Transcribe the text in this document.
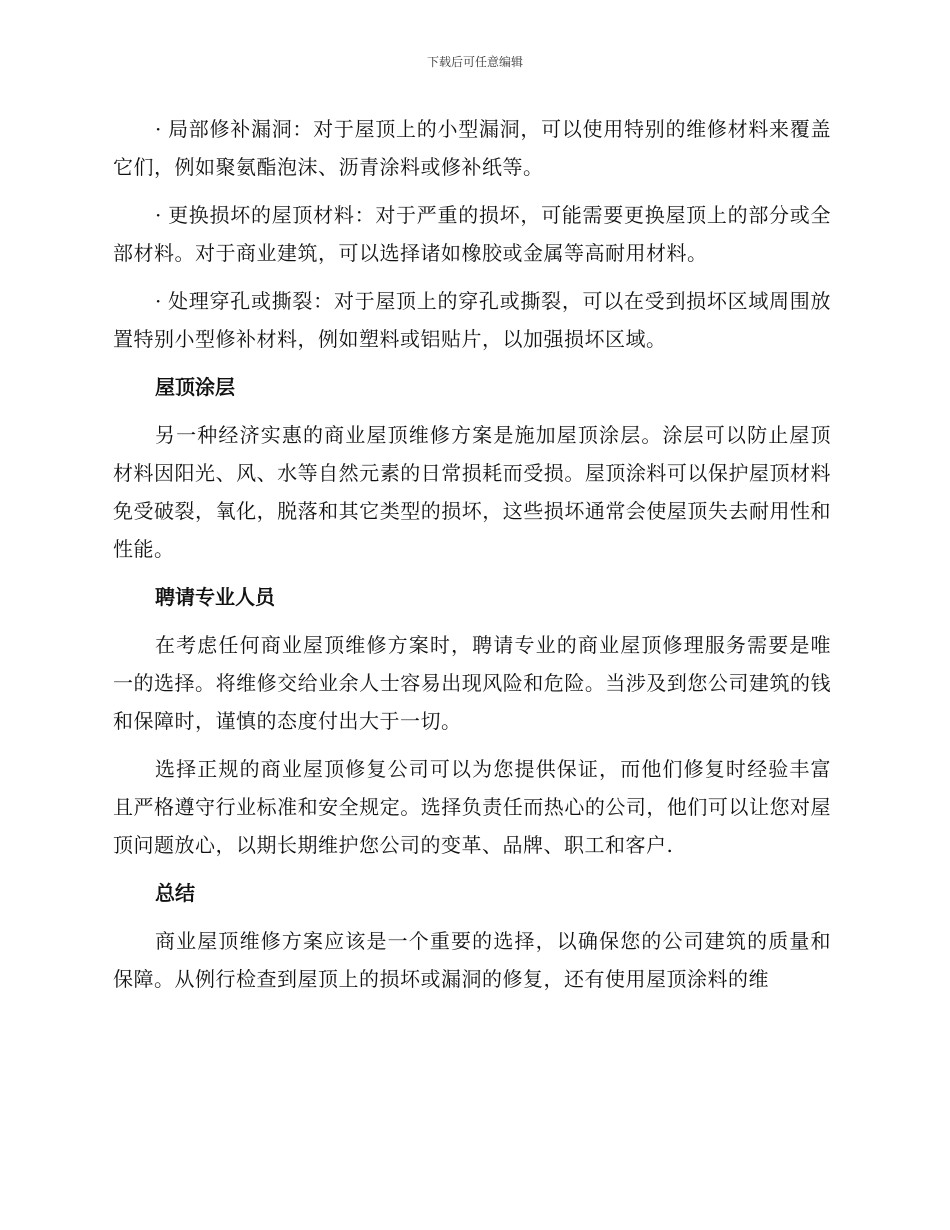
下载后可任意编辑

· 局部修补漏洞：对于屋顶上的小型漏洞，可以使用特别的维修材料来覆盖它们，例如聚氨酯泡沫、沥青涂料或修补纸等。

· 更换损坏的屋顶材料：对于严重的损坏，可能需要更换屋顶上的部分或全部材料。对于商业建筑，可以选择诸如橡胶或金属等高耐用材料。

· 处理穿孔或撕裂：对于屋顶上的穿孔或撕裂，可以在受到损坏区域周围放置特别小型修补材料，例如塑料或铝贴片，以加强损坏区域。

屋顶涂层

另一种经济实惠的商业屋顶维修方案是施加屋顶涂层。涂层可以防止屋顶材料因阳光、风、水等自然元素的日常损耗而受损。屋顶涂料可以保护屋顶材料免受破裂，氧化，脱落和其它类型的损坏，这些损坏通常会使屋顶失去耐用性和性能。

聘请专业人员

在考虑任何商业屋顶维修方案时，聘请专业的商业屋顶修理服务需要是唯一的选择。将维修交给业余人士容易出现风险和危险。当涉及到您公司建筑的钱和保障时，谨慎的态度付出大于一切。

选择正规的商业屋顶修复公司可以为您提供保证，而他们修复时经验丰富且严格遵守行业标准和安全规定。选择负责任而热心的公司，他们可以让您对屋顶问题放心，以期长期维护您公司的变革、品牌、职工和客户.

总结

商业屋顶维修方案应该是一个重要的选择，以确保您的公司建筑的质量和保障。从例行检查到屋顶上的损坏或漏洞的修复，还有使用屋顶涂料的维
